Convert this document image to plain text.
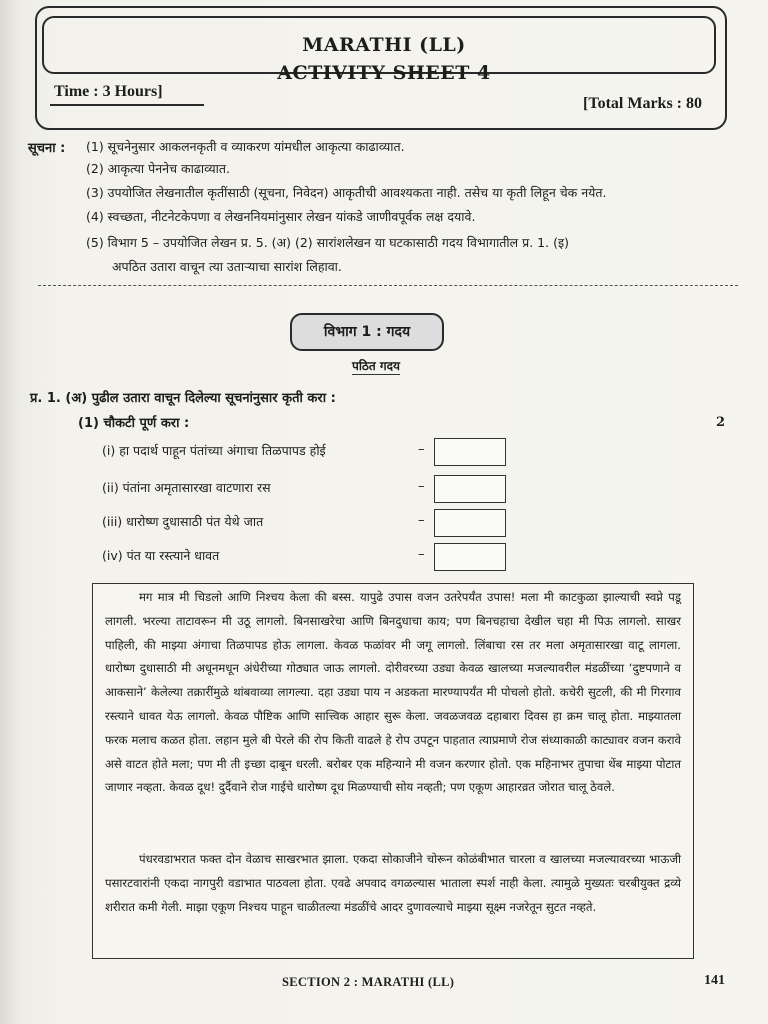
MARATHI (LL)
ACTIVITY SHEET 4
Time : 3 Hours]
[Total Marks : 80
सूचना : (1) सूचनेनुसार आकलनकृती व व्याकरण यांमधील आकृत्या काढाव्यात.
(2) आकृत्या पेननेच काढाव्यात.
(3) उपयोजित लेखनातील कृतींसाठी (सूचना, निवेदन) आकृतीची आवश्यकता नाही. तसेच या कृती लिहून चेक नयेत.
(4) स्वच्छता, नीटनेटकेपणा व लेखननियमांनुसार लेखन यांकडे जाणीवपूर्वक लक्ष दयावे.
(5) विभाग 5 – उपयोजित लेखन प्र. 5. (अ) (2) सारांशलेखन या घटकासाठी गदय विभागातील प्र. 1. (इ)
अपठित उतारा वाचून त्या उताऱ्याचा सारांश लिहावा.
विभाग 1 : गदय
पठित गदय
प्र. 1. (अ) पुढील उतारा वाचून दिलेल्या सूचनांनुसार कृती करा :
(1) चौकटी पूर्ण करा :	2
(i) हा पदार्थ पाहून पंतांच्या अंगाचा तिळपापड होई	–
(ii) पंतांना अमृतासारखा वाटणारा रस	–
(iii) धारोष्ण दुधासाठी पंत येथे जात	–
(iv) पंत या रस्त्याने धावत	–
मग मात्र मी चिडलो आणि निश्चय केला की बस्स. यापुढे उपास वजन उतरेपर्यंत उपास! मला मी काटकुळा झाल्याची स्वप्ने पडू लागली. भरल्या ताटावरून मी उठू लागलो. बिनसाखरेचा आणि बिनदुधाचा काय; पण बिनचहाचा देखील चहा मी पिऊ लागलो. साखर पाहिली, की माझ्या अंगाचा तिळपापड होऊ लागला. केवळ फळांवर मी जगू लागलो. लिंबाचा रस तर मला अमृतासारखा वाटू लागला. धारोष्ण दुधासाठी मी अधूनमधून अंधेरीच्या गोठ्यात जाऊ लागलो. दोरीवरच्या उड्या केवळ खालच्या मजल्यावरील मंडळींच्या ‘दुष्टपणाने व आकसाने’ केलेल्या तक्रारींमुळे थांबवाव्या लागल्या. दहा उड्या पाय न अडकता मारण्यापर्यंत मी पोचलो होतो. कचेरी सुटली, की मी गिरगाव रस्त्याने धावत येऊ लागलो. केवळ पौष्टिक आणि सात्त्विक आहार सुरू केला. जवळजवळ दहाबारा दिवस हा क्रम चालू होता. माझ्यातला फरक मलाच कळत होता. लहान मुले बी पेरले की रोप किती वाढले हे रोप उपटून पाहतात त्याप्रमाणे रोज संध्याकाळी काट्यावर वजन करावे असे वाटत होते मला; पण मी ती इच्छा दाबून धरली. बरोबर एक महिन्याने मी वजन करणार होतो. एक महिनाभर तुपाचा थेंब माझ्या पोटात जाणार नव्हता. केवळ दूध! दुर्दैवाने रोज गाईचे धारोष्ण दूध मिळण्याची सोय नव्हती; पण एकूण आहारव्रत जोरात चालू ठेवले.
पंधरवडाभरात फक्त दोन वेळाच साखरभात झाला. एकदा सोकाजीने चोरून कोळंबीभात चारला व खालच्या मजल्यावरच्या भाऊजी पसारटवारांनी एकदा नागपुरी वडाभात पाठवला होता. एवढे अपवाद वगळल्यास भाताला स्पर्श नाही केला. त्यामुळे मुख्यतः चरबीयुक्त द्रव्ये शरीरात कमी गेली. माझा एकूण निश्चय पाहून चाळीतल्या मंडळींचे आदर दुणावल्याचे माझ्या सूक्ष्म नजरेतून सुटत नव्हते.
SECTION 2 : MARATHI (LL)	141
